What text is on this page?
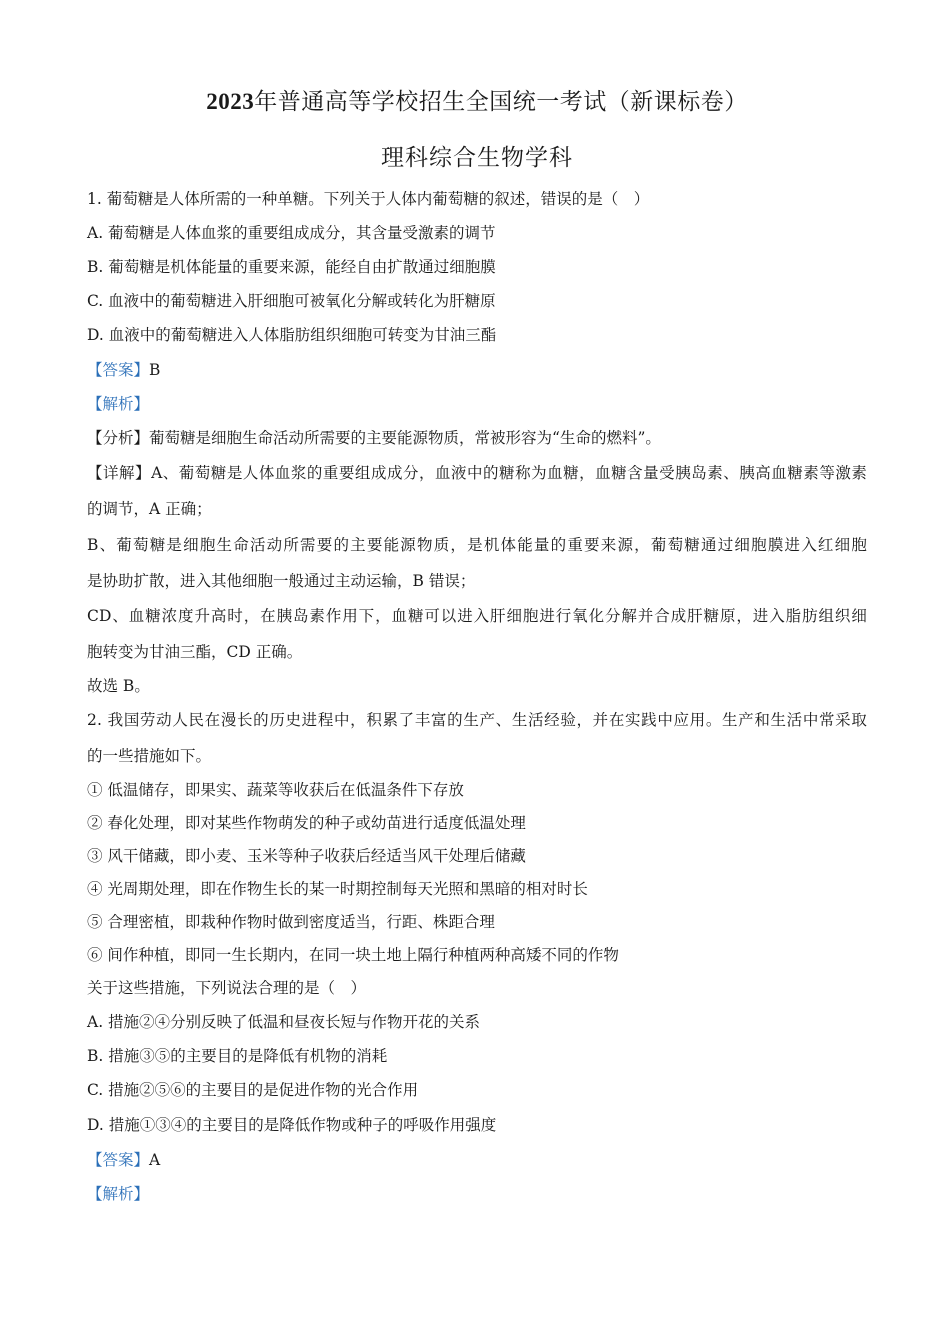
2023年普通高等学校招生全国统一考试（新课标卷）
理科综合生物学科
1. 葡萄糖是人体所需的一种单糖。下列关于人体内葡萄糖的叙述，错误的是（　）
A. 葡萄糖是人体血浆的重要组成成分，其含量受激素的调节
B. 葡萄糖是机体能量的重要来源，能经自由扩散通过细胞膜
C. 血液中的葡萄糖进入肝细胞可被氧化分解或转化为肝糖原
D. 血液中的葡萄糖进入人体脂肪组织细胞可转变为甘油三酯
【答案】B
【解析】
【分析】葡萄糖是细胞生命活动所需要的主要能源物质，常被形容为“生命的燃料”。
【详解】A、葡萄糖是人体血浆的重要组成成分，血液中的糖称为血糖，血糖含量受胰岛素、胰高血糖素等激素
的调节，A 正确；
B、葡萄糖是细胞生命活动所需要的主要能源物质，是机体能量的重要来源，葡萄糖通过细胞膜进入红细胞
是协助扩散，进入其他细胞一般通过主动运输，B 错误；
CD、血糖浓度升高时，在胰岛素作用下，血糖可以进入肝细胞进行氧化分解并合成肝糖原，进入脂肪组织细
胞转变为甘油三酯，CD 正确。
故选 B。
2. 我国劳动人民在漫长的历史进程中，积累了丰富的生产、生活经验，并在实践中应用。生产和生活中常采取
的一些措施如下。
① 低温储存，即果实、蔬菜等收获后在低温条件下存放
② 春化处理，即对某些作物萌发的种子或幼苗进行适度低温处理
③ 风干储藏，即小麦、玉米等种子收获后经适当风干处理后储藏
④ 光周期处理，即在作物生长的某一时期控制每天光照和黑暗的相对时长
⑤ 合理密植，即栽种作物时做到密度适当，行距、株距合理
⑥ 间作种植，即同一生长期内，在同一块土地上隔行种植两种高矮不同的作物
关于这些措施，下列说法合理的是（　）
A. 措施②④分别反映了低温和昼夜长短与作物开花的关系
B. 措施③⑤的主要目的是降低有机物的消耗
C. 措施②⑤⑥的主要目的是促进作物的光合作用
D. 措施①③④的主要目的是降低作物或种子的呼吸作用强度
【答案】A
【解析】
